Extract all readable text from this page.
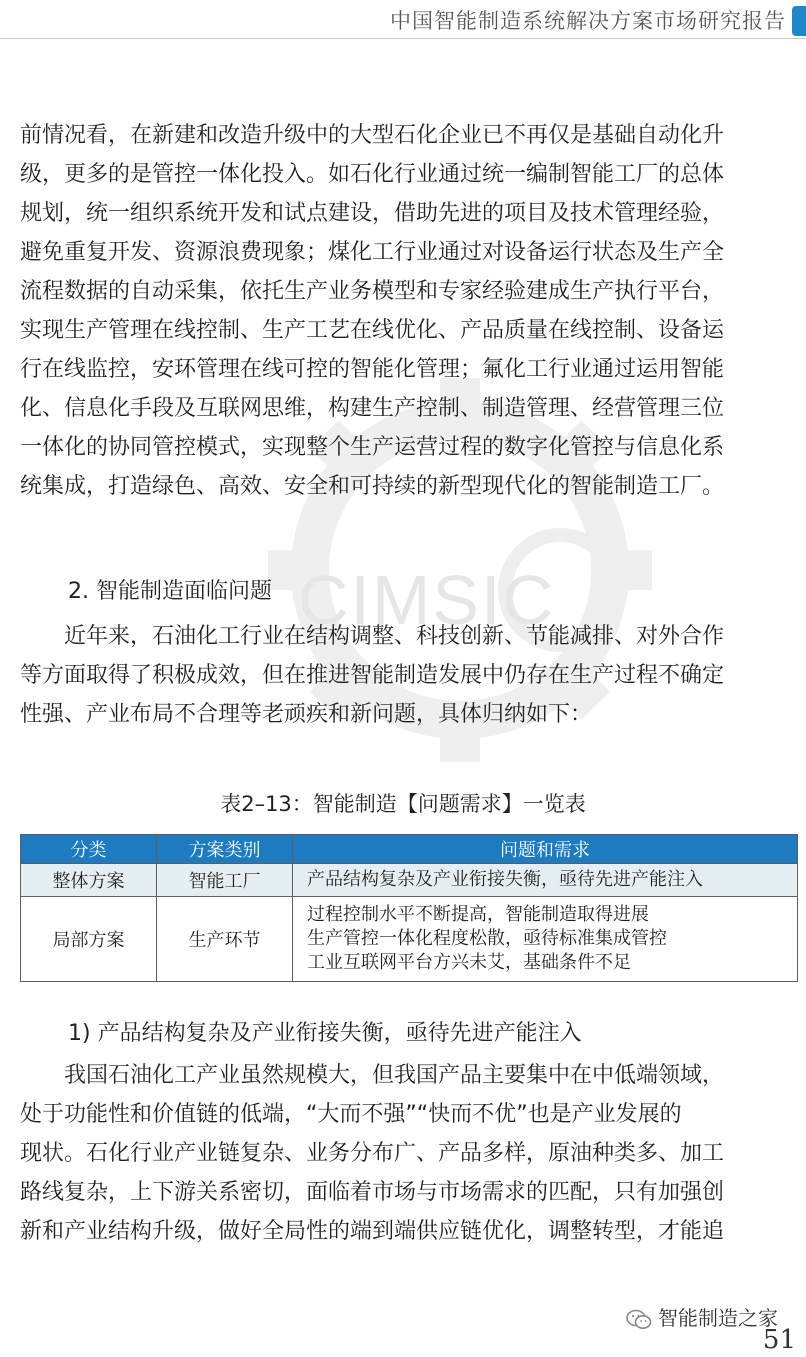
中国智能制造系统解决方案市场研究报告
CIMSIC

前情况看，在新建和改造升级中的大型石化企业已不再仅是基础自动化升
级，更多的是管控一体化投入。如石化行业通过统一编制智能工厂的总体
规划，统一组织系统开发和试点建设，借助先进的项目及技术管理经验，
避免重复开发、资源浪费现象；煤化工行业通过对设备运行状态及生产全
流程数据的自动采集，依托生产业务模型和专家经验建成生产执行平台，
实现生产管理在线控制、生产工艺在线优化、产品质量在线控制、设备运
行在线监控，安环管理在线可控的智能化管理；氟化工行业通过运用智能
化、信息化手段及互联网思维，构建生产控制、制造管理、经营管理三位
一体化的协同管控模式，实现整个生产运营过程的数字化管控与信息化系
统集成，打造绿色、高效、安全和可持续的新型现代化的智能制造工厂。

2. 智能制造面临问题

　　近年来，石油化工行业在结构调整、科技创新、节能减排、对外合作
等方面取得了积极成效，但在推进智能制造发展中仍存在生产过程不确定
性强、产业布局不合理等老顽疾和新问题，具体归纳如下：

表2–13：智能制造【问题需求】一览表
分类	方案类别	问题和需求
整体方案	智能工厂	产品结构复杂及产业衔接失衡，亟待先进产能注入

局部方案	生产环节	过程控制水平不断提高，智能制造取得进展
生产管控一体化程度松散，亟待标准集成管控
工业互联网平台方兴未艾，基础条件不足

1) 产品结构复杂及产业衔接失衡，亟待先进产能注入

　　我国石油化工产业虽然规模大，但我国产品主要集中在中低端领域，
处于功能性和价值链的低端，“大而不强”“快而不优”也是产业发展的
现状。石化行业产业链复杂、业务分布广、产品多样，原油种类多、加工
路线复杂，上下游关系密切，面临着市场与市场需求的匹配，只有加强创
新和产业结构升级，做好全局性的端到端供应链优化，调整转型，才能追

智能制造之家
51
